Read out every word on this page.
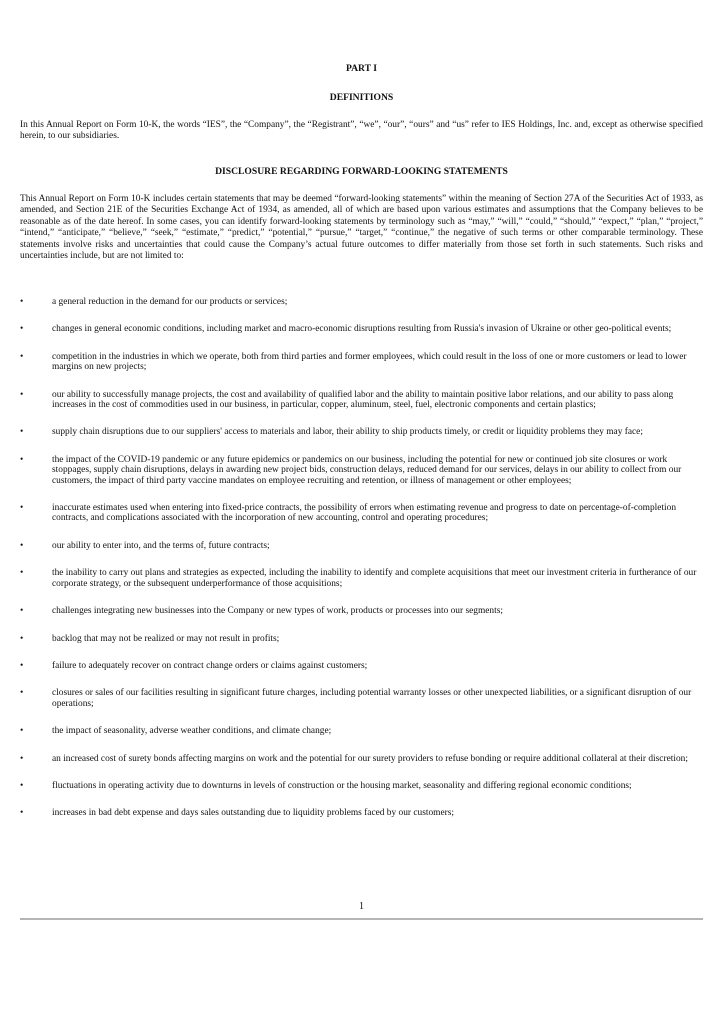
PART I
DEFINITIONS

In this Annual Report on Form 10-K, the words “IES”, the “Company”, the “Registrant”, “we”, “our”, “ours” and “us” refer to IES Holdings, Inc. and, except as otherwise specified herein, to our subsidiaries.

DISCLOSURE REGARDING FORWARD-LOOKING STATEMENTS

This Annual Report on Form 10-K includes certain statements that may be deemed “forward-looking statements” within the meaning of Section 27A of the Securities Act of 1933, as amended, and Section 21E of the Securities Exchange Act of 1934, as amended, all of which are based upon various estimates and assumptions that the Company believes to be reasonable as of the date hereof. In some cases, you can identify forward-looking statements by terminology such as “may,” “will,” “could,” “should,” “expect,” “plan,” “project,” “intend,” “anticipate,” “believe,” “seek,” “estimate,” “predict,” “potential,” “pursue,” “target,” “continue,” the negative of such terms or other comparable terminology. These statements involve risks and uncertainties that could cause the Company’s actual future outcomes to differ materially from those set forth in such statements. Such risks and uncertainties include, but are not limited to:

•	a general reduction in the demand for our products or services;
•	changes in general economic conditions, including market and macro-economic disruptions resulting from Russia's invasion of Ukraine or other geo-political events;
•	competition in the industries in which we operate, both from third parties and former employees, which could result in the loss of one or more customers or lead to lower margins on new projects;
•	our ability to successfully manage projects, the cost and availability of qualified labor and the ability to maintain positive labor relations, and our ability to pass along increases in the cost of commodities used in our business, in particular, copper, aluminum, steel, fuel, electronic components and certain plastics;
•	supply chain disruptions due to our suppliers' access to materials and labor, their ability to ship products timely, or credit or liquidity problems they may face;
•	the impact of the COVID-19 pandemic or any future epidemics or pandemics on our business, including the potential for new or continued job site closures or work stoppages, supply chain disruptions, delays in awarding new project bids, construction delays, reduced demand for our services, delays in our ability to collect from our customers, the impact of third party vaccine mandates on employee recruiting and retention, or illness of management or other employees;
•	inaccurate estimates used when entering into fixed-price contracts, the possibility of errors when estimating revenue and progress to date on percentage-of-completion contracts, and complications associated with the incorporation of new accounting, control and operating procedures;
•	our ability to enter into, and the terms of, future contracts;
•	the inability to carry out plans and strategies as expected, including the inability to identify and complete acquisitions that meet our investment criteria in furtherance of our corporate strategy, or the subsequent underperformance of those acquisitions;
•	challenges integrating new businesses into the Company or new types of work, products or processes into our segments;
•	backlog that may not be realized or may not result in profits;
•	failure to adequately recover on contract change orders or claims against customers;
•	closures or sales of our facilities resulting in significant future charges, including potential warranty losses or other unexpected liabilities, or a significant disruption of our operations;
•	the impact of seasonality, adverse weather conditions, and climate change;
•	an increased cost of surety bonds affecting margins on work and the potential for our surety providers to refuse bonding or require additional collateral at their discretion;
•	fluctuations in operating activity due to downturns in levels of construction or the housing market, seasonality and differing regional economic conditions;
•	increases in bad debt expense and days sales outstanding due to liquidity problems faced by our customers;
1
